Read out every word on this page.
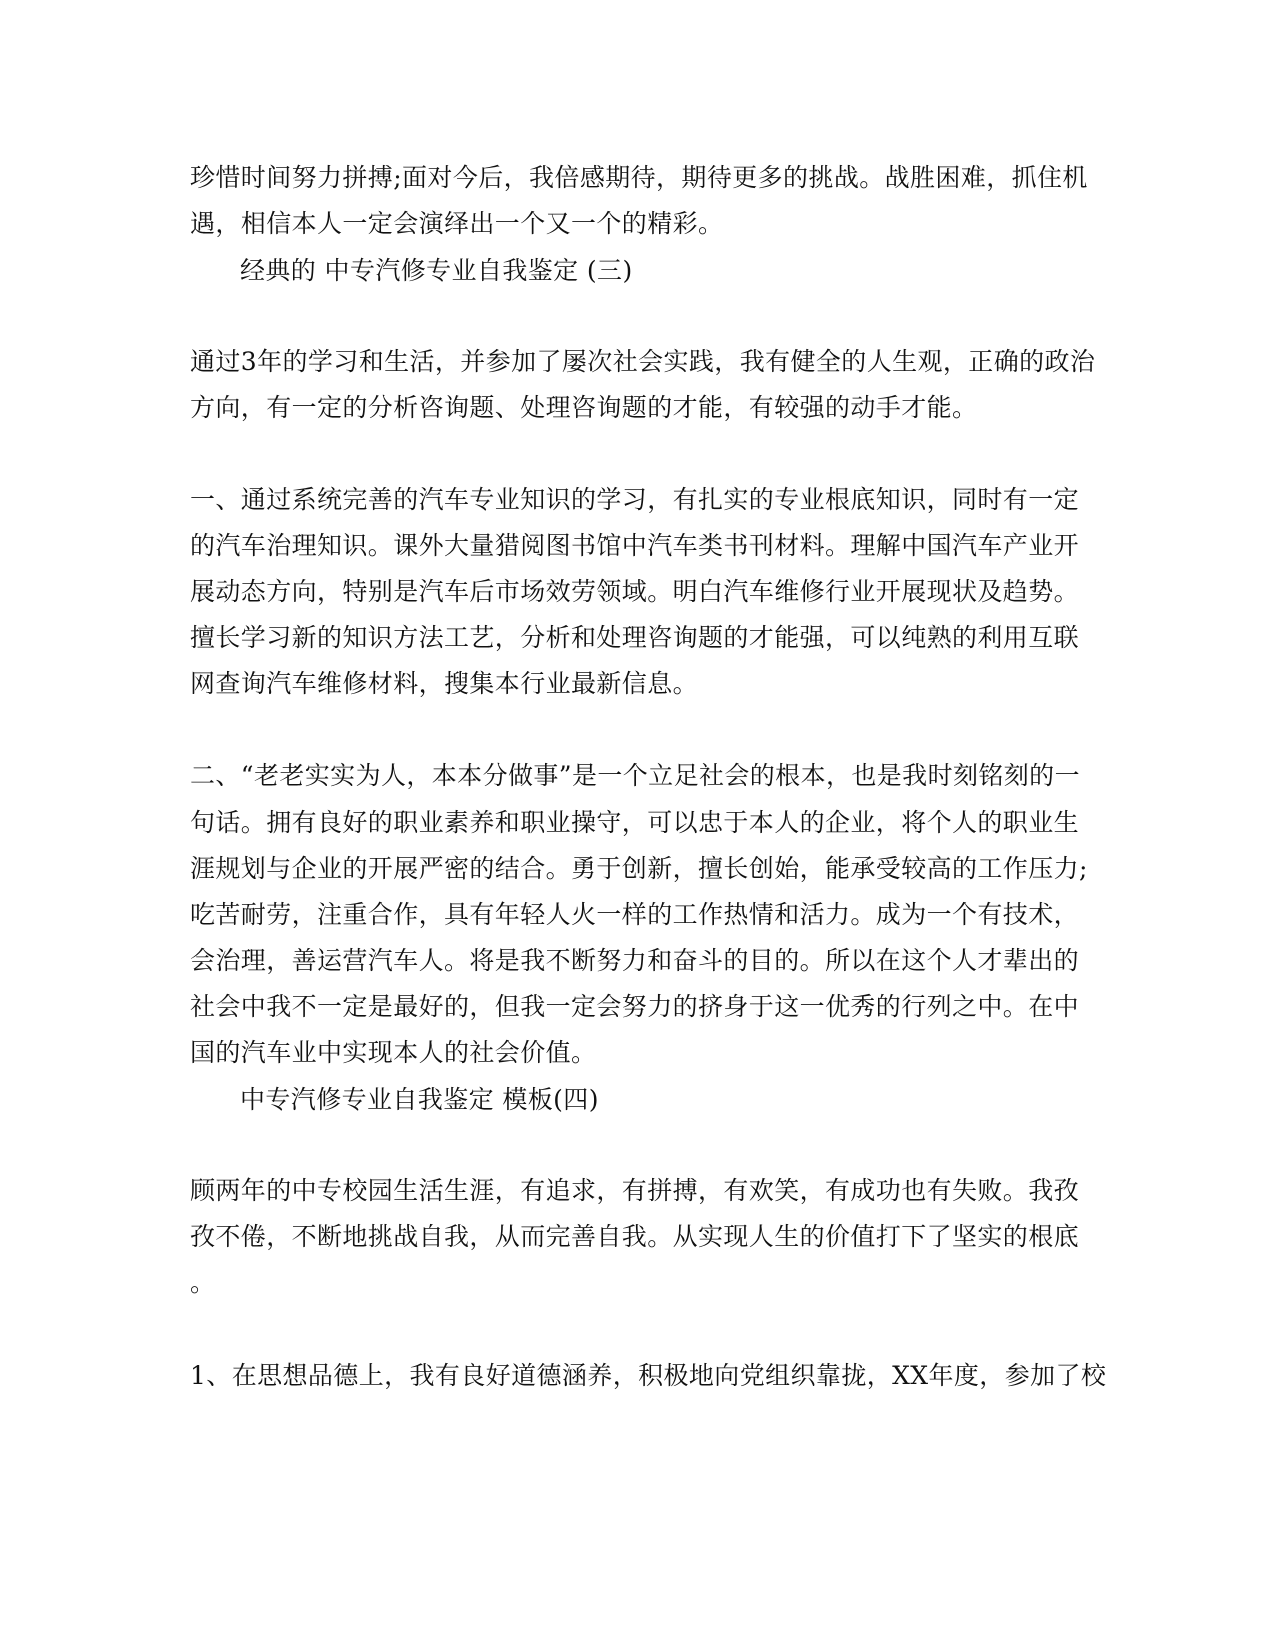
珍惜时间努力拼搏;面对今后，我倍感期待，期待更多的挑战。战胜困难，抓住机
遇，相信本人一定会演绎出一个又一个的精彩。
经典的 中专汽修专业自我鉴定 (三)
通过3年的学习和生活，并参加了屡次社会实践，我有健全的人生观，正确的政治
方向，有一定的分析咨询题、处理咨询题的才能，有较强的动手才能。
一、通过系统完善的汽车专业知识的学习，有扎实的专业根底知识，同时有一定
的汽车治理知识。课外大量猎阅图书馆中汽车类书刊材料。理解中国汽车产业开
展动态方向，特别是汽车后市场效劳领域。明白汽车维修行业开展现状及趋势。
擅长学习新的知识方法工艺，分析和处理咨询题的才能强，可以纯熟的利用互联
网查询汽车维修材料，搜集本行业最新信息。
二、“老老实实为人，本本分做事”是一个立足社会的根本，也是我时刻铭刻的一
句话。拥有良好的职业素养和职业操守，可以忠于本人的企业，将个人的职业生
涯规划与企业的开展严密的结合。勇于创新，擅长创始，能承受较高的工作压力;
吃苦耐劳，注重合作，具有年轻人火一样的工作热情和活力。成为一个有技术，
会治理，善运营汽车人。将是我不断努力和奋斗的目的。所以在这个人才辈出的
社会中我不一定是最好的，但我一定会努力的挤身于这一优秀的行列之中。在中
国的汽车业中实现本人的社会价值。
中专汽修专业自我鉴定 模板(四)
顾两年的中专校园生活生涯，有追求，有拼搏，有欢笑，有成功也有失败。我孜
孜不倦，不断地挑战自我，从而完善自我。从实现人生的价值打下了坚实的根底
。
1、在思想品德上，我有良好道德涵养，积极地向党组织靠拢，XX年度，参加了校
